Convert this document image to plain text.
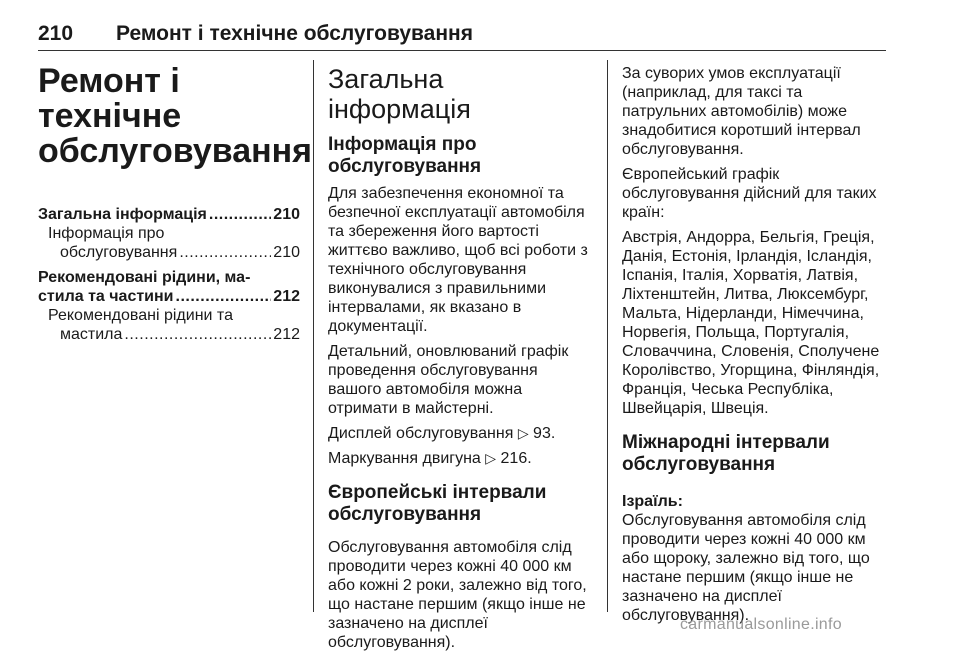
210 Ремонт і технічне обслуговування
Ремонт і технічне
обслуговування
Загальна інформація .....	210
Інформація про
обслуговування .....	210
Рекомендовані рідини, ма-
стила та частини .....	212
Рекомендовані рідини та
мастила .....	212
Загальна інформація
Інформація про
обслуговування

Для забезпечення економної та
безпечної експлуатації автомобіля
та збереження його вартості
життєво важливо, щоб всі роботи з
технічного обслуговування
виконувалися з правильними
інтервалами, як вказано в
документації.

Детальний, оновлюваний графік
проведення обслуговування
вашого автомобіля можна
отримати в майстерні.

Дисплей обслуговування ▷ 93.

Маркування двигуна ▷ 216.

Європейські інтервали
обслуговування

Обслуговування автомобіля слід
проводити через кожні 40 000 км
або кожні 2 роки, залежно від того,
що настане першим (якщо інше не
зазначено на дисплеї
обслуговування).

За суворих умов експлуатації
(наприклад, для таксі та
патрульних автомобілів) може
знадобитися коротший інтервал
обслуговування.

Європейський графік
обслуговування дійсний для таких
країн:

Австрія, Андорра, Бельгія, Греція,
Данія, Естонія, Ірландія, Ісландія,
Іспанія, Італія, Хорватія, Латвія,
Ліхтенштейн, Литва, Люксембург,
Мальта, Нідерланди, Німеччина,
Норвегія, Польща, Португалія,
Словаччина, Словенія, Сполучене
Королівство, Угорщина, Фінляндія,
Франція, Чеська Республіка,
Швейцарія, Швеція.

Міжнародні інтервали
обслуговування
Ізраїль:

Обслуговування автомобіля слід
проводити через кожні 40 000 км
або щороку, залежно від того, що
настане першим (якщо інше не
зазначено на дисплеї
обслуговування).

carmanualsonline.info
